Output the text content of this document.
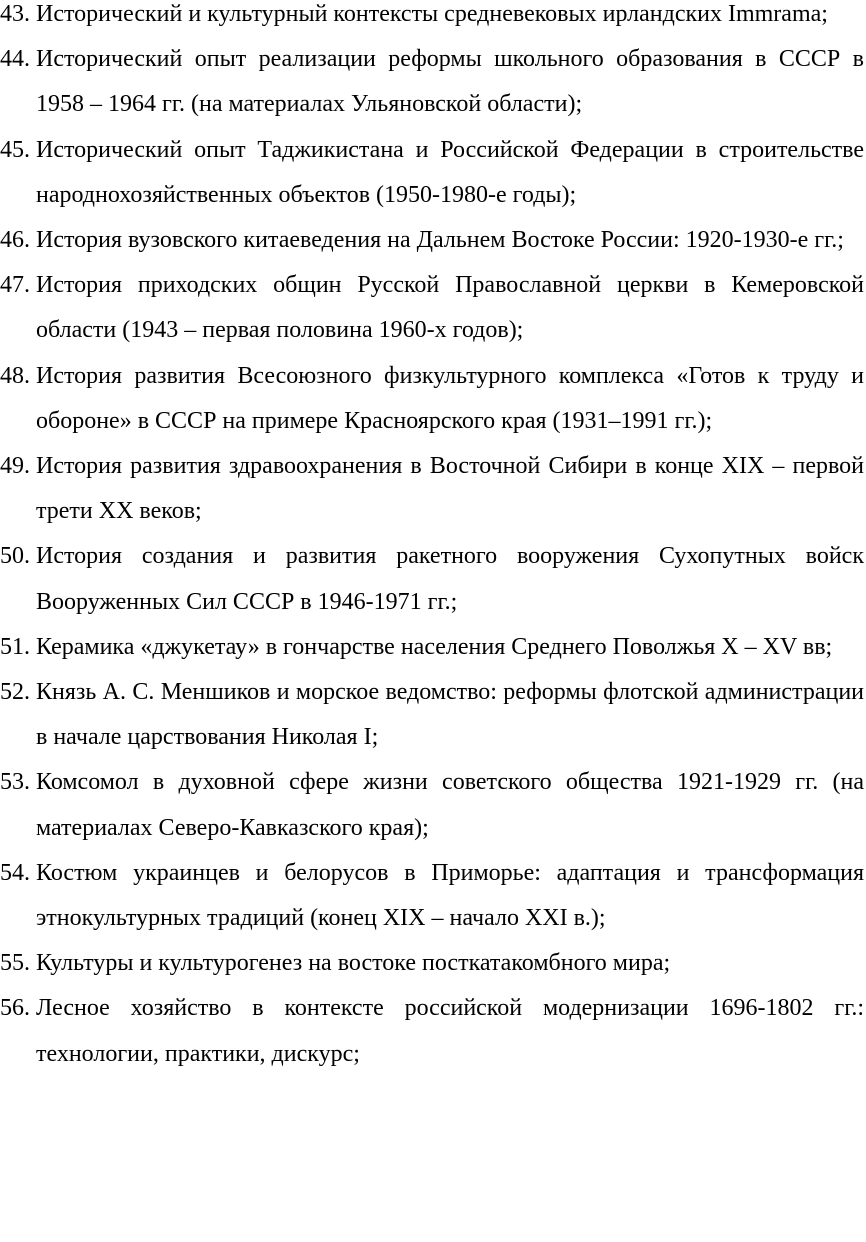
43. Исторический и культурный контексты средневековых ирландских Immrama;
44. Исторический опыт реализации реформы школьного образования в СССР в 1958 – 1964 гг. (на материалах Ульяновской области);
45. Исторический опыт Таджикистана и Российской Федерации в строительстве народнохозяйственных объектов (1950-1980-е годы);
46. История вузовского китаеведения на Дальнем Востоке России: 1920-1930-е гг.;
47. История приходских общин Русской Православной церкви в Кемеровской области (1943 – первая половина 1960-х годов);
48. История развития Всесоюзного физкультурного комплекса «Готов к труду и обороне» в СССР на примере Красноярского края (1931–1991 гг.);
49. История развития здравоохранения в Восточной Сибири в конце XIX – первой трети XX веков;
50. История создания и развития ракетного вооружения Сухопутных войск Вооруженных Сил СССР в 1946-1971 гг.;
51. Керамика «джукетау» в гончарстве населения Среднего Поволжья X – XV вв;
52. Князь А. С. Меншиков и морское ведомство: реформы флотской администрации в начале царствования Николая I;
53. Комсомол в духовной сфере жизни советского общества 1921-1929 гг. (на материалах Северо-Кавказского края);
54. Костюм украинцев и белорусов в Приморье: адаптация и трансформация этнокультурных традиций (конец XIX – начало XXI в.);
55. Культуры и культурогенез на востоке посткатакомбного мира;
56. Лесное хозяйство в контексте российской модернизации 1696-1802 гг.: технологии, практики, дискурс;
